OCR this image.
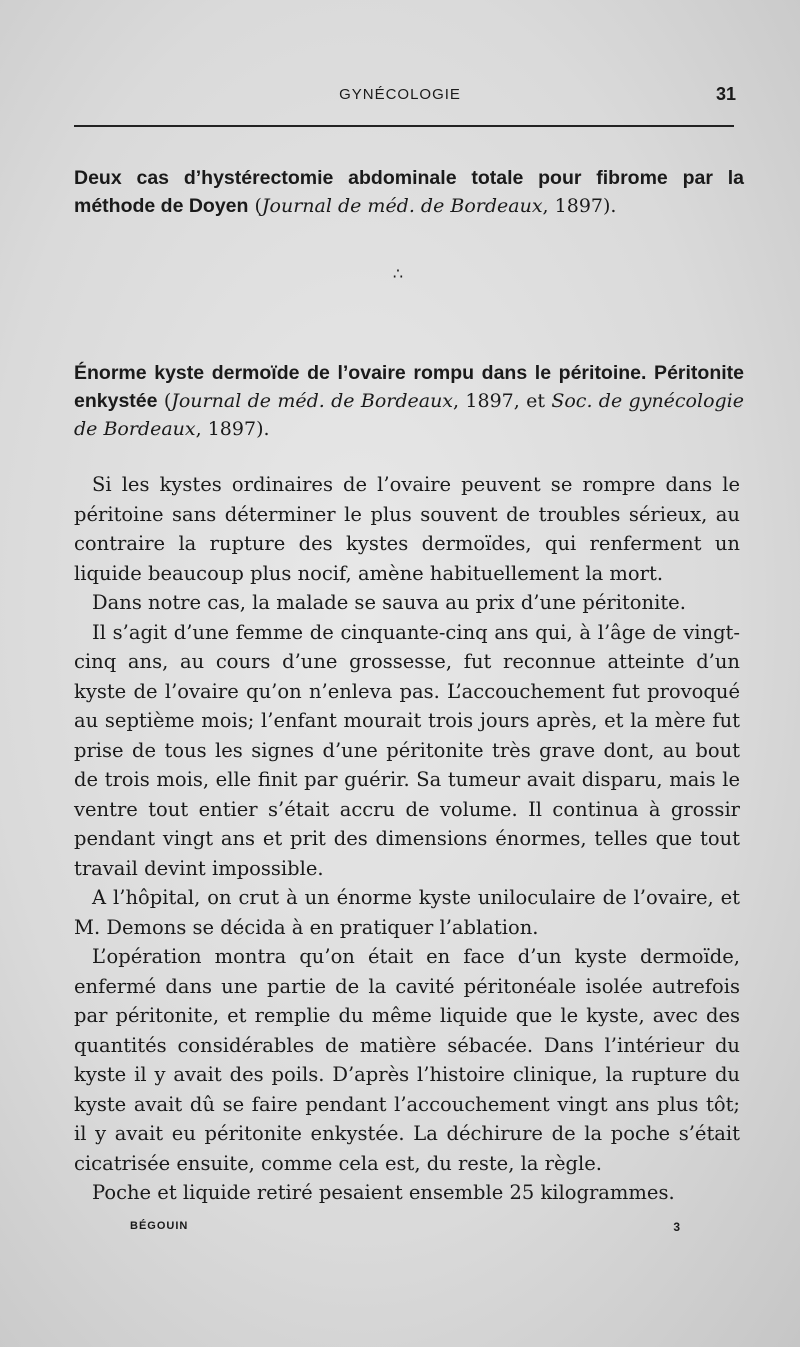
GYNÉCOLOGIE	31
Deux cas d’hystérectomie abdominale totale pour fibrome par la méthode de Doyen (Journal de méd. de Bordeaux, 1897).
∴
Énorme kyste dermoïde de l’ovaire rompu dans le péritoine. Péritonite enkystée (Journal de méd. de Bordeaux, 1897, et Soc. de gynécologie de Bordeaux, 1897).

Si les kystes ordinaires de l’ovaire peuvent se rompre dans le péritoine sans déterminer le plus souvent de troubles sérieux, au contraire la rupture des kystes dermoïdes, qui renferment un liquide beaucoup plus nocif, amène habituellement la mort.

Dans notre cas, la malade se sauva au prix d’une péritonite.

Il s’agit d’une femme de cinquante-cinq ans qui, à l’âge de vingt-cinq ans, au cours d’une grossesse, fut reconnue atteinte d’un kyste de l’ovaire qu’on n’enleva pas. L’accouchement fut provoqué au septième mois; l’enfant mourait trois jours après, et la mère fut prise de tous les signes d’une péritonite très grave dont, au bout de trois mois, elle finit par guérir. Sa tumeur avait disparu, mais le ventre tout entier s’était accru de volume. Il continua à grossir pendant vingt ans et prit des dimensions énormes, telles que tout travail devint impossible.

A l’hôpital, on crut à un énorme kyste uniloculaire de l’ovaire, et M. Demons se décida à en pratiquer l’ablation.

L’opération montra qu’on était en face d’un kyste dermoïde, enfermé dans une partie de la cavité péritonéale isolée autrefois par péritonite, et remplie du même liquide que le kyste, avec des quantités considérables de matière sébacée. Dans l’intérieur du kyste il y avait des poils. D’après l’histoire clinique, la rupture du kyste avait dû se faire pendant l’accouchement vingt ans plus tôt; il y avait eu péritonite enkystée. La déchirure de la poche s’était cicatrisée ensuite, comme cela est, du reste, la règle.

Poche et liquide retiré pesaient ensemble 25 kilogrammes.

BÉGOUIN	3
